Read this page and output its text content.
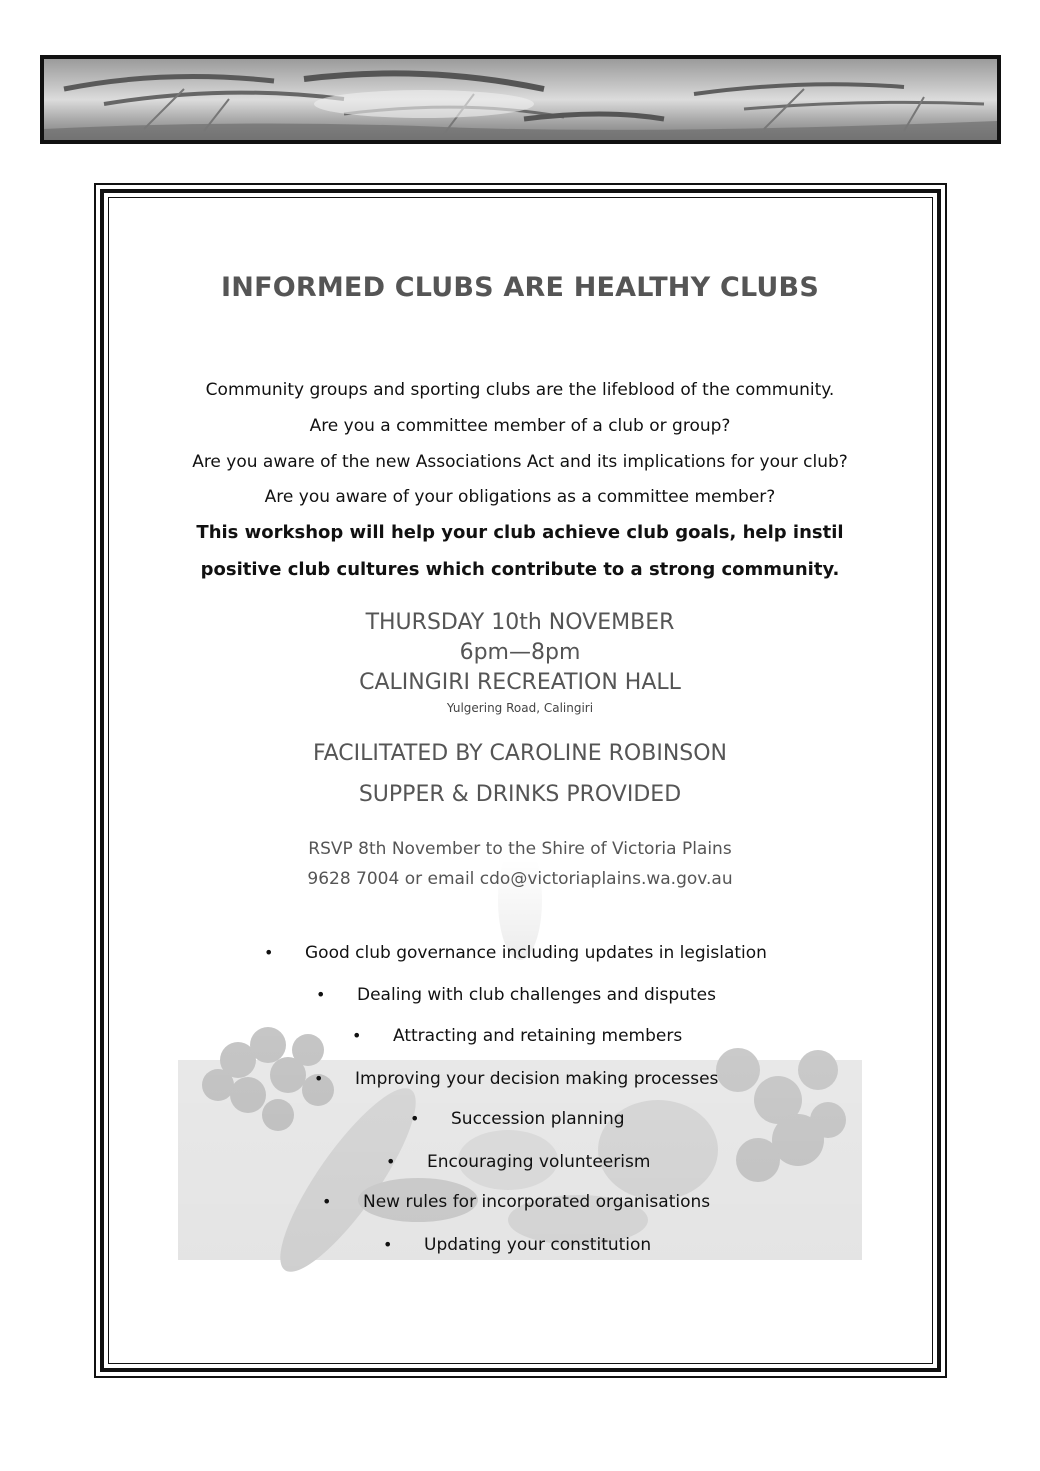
INFORMED CLUBS ARE HEALTHY CLUBS
Community groups and sporting clubs are the lifeblood of the community.
Are you a committee member of a club or group?
Are you aware of the new Associations Act and its implications for your club?
Are you aware of your obligations as a committee member?
This workshop will help your club achieve club goals, help instil
positive club cultures which contribute to a strong community.
THURSDAY 10th NOVEMBER
6pm—8pm
CALINGIRI RECREATION HALL
Yulgering Road, Calingiri
FACILITATED BY CAROLINE ROBINSON
SUPPER & DRINKS PROVIDED
RSVP 8th November to the Shire of Victoria Plains
9628 7004 or email cdo@victoriaplains.wa.gov.au
• Good club governance including updates in legislation
• Dealing with club challenges and disputes
• Attracting and retaining members
• Improving your decision making processes
• Succession planning
• Encouraging volunteerism
• New rules for incorporated organisations
• Updating your constitution
